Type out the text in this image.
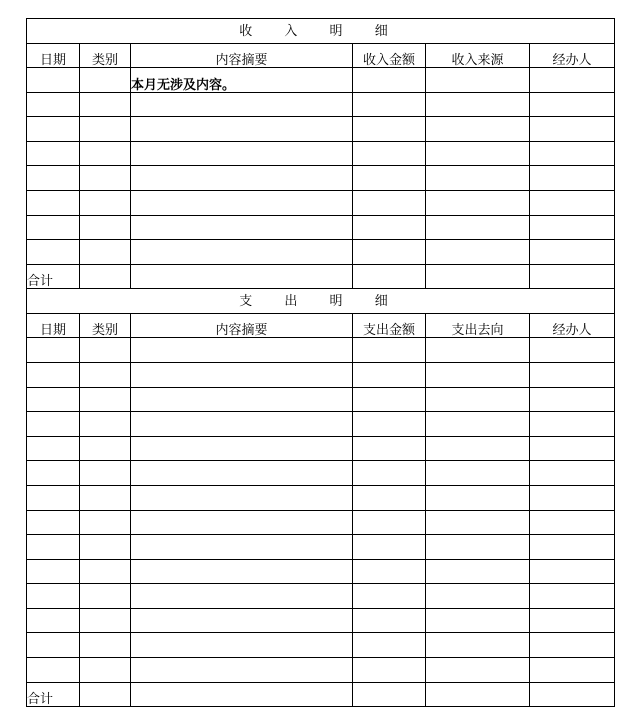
收 入 明 细					
日期	类别	内容摘要	收入金额	收入来源	经办人
		本月无涉及内容。			

合计					
支 出 明 细					
日期	类别	内容摘要	支出金额	支出去向	经办人

合计					
